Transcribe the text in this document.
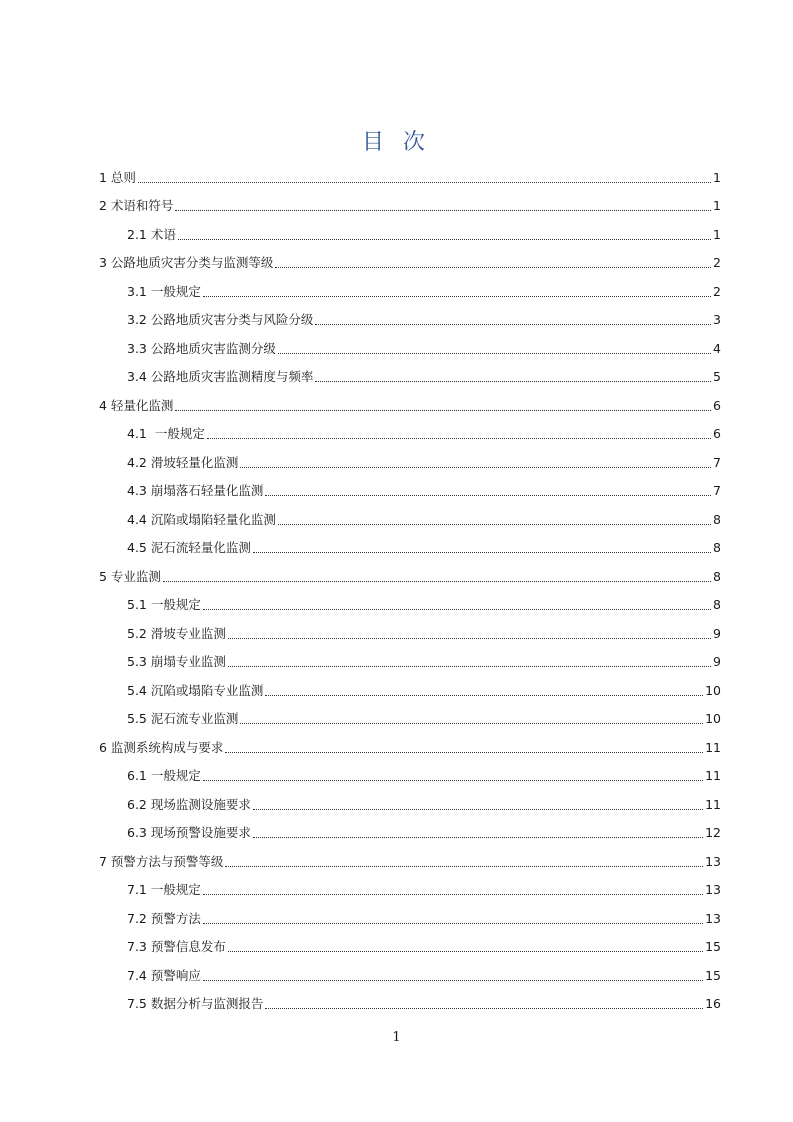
目 次
1 总则	1
2 术语和符号	1
2.1 术语	1
3 公路地质灾害分类与监测等级	2
3.1 一般规定	2
3.2 公路地质灾害分类与风险分级	3
3.3 公路地质灾害监测分级	4
3.4 公路地质灾害监测精度与频率	5
4 轻量化监测	6
4.1  一般规定	6
4.2 滑坡轻量化监测	7
4.3 崩塌落石轻量化监测	7
4.4 沉陷或塌陷轻量化监测	8
4.5 泥石流轻量化监测	8
5 专业监测	8
5.1 一般规定	8
5.2 滑坡专业监测	9
5.3 崩塌专业监测	9
5.4 沉陷或塌陷专业监测	10
5.5 泥石流专业监测	10
6 监测系统构成与要求	11
6.1 一般规定	11
6.2 现场监测设施要求	11
6.3 现场预警设施要求	12
7 预警方法与预警等级	13
7.1 一般规定	13
7.2 预警方法	13
7.3 预警信息发布	15
7.4 预警响应	15
7.5 数据分析与监测报告	16
1
